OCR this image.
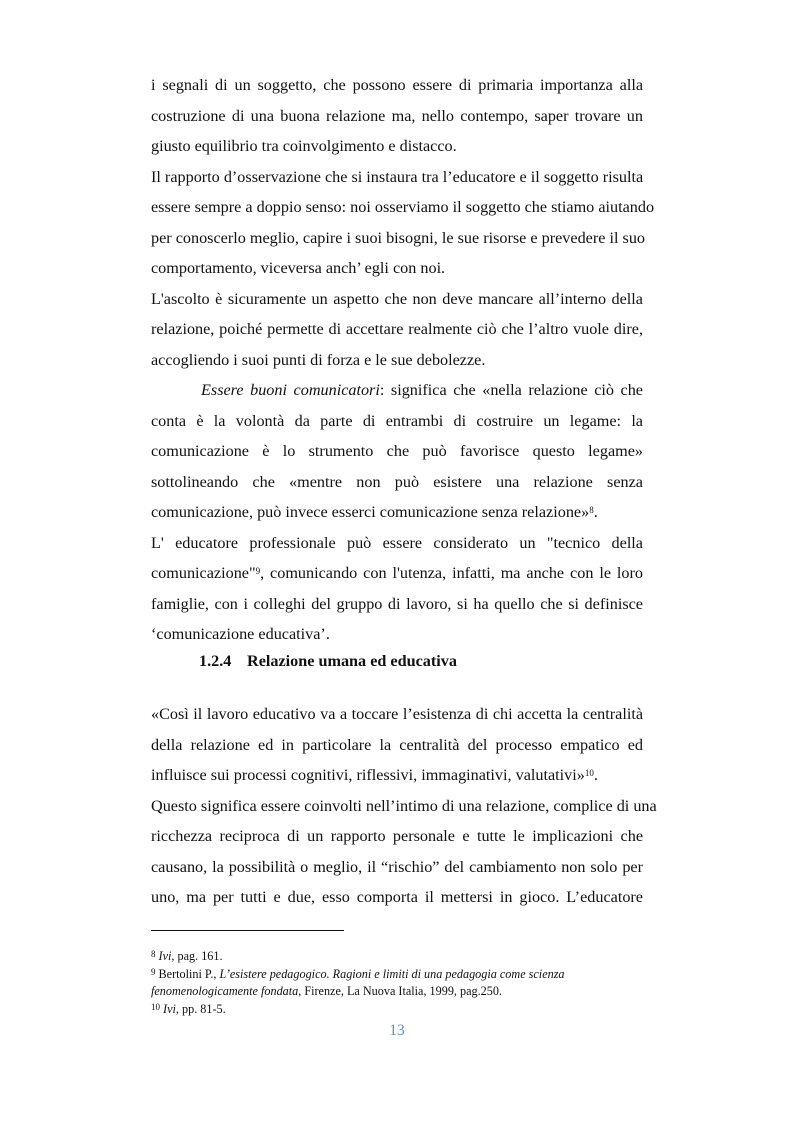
i segnali di un soggetto, che possono essere di primaria importanza alla
costruzione di una buona relazione ma, nello contempo, saper trovare un
giusto equilibrio tra coinvolgimento e distacco.
Il rapporto d’osservazione che si instaura tra l’educatore e il soggetto risulta
essere sempre a doppio senso: noi osserviamo il soggetto che stiamo aiutando
per conoscerlo meglio, capire i suoi bisogni, le sue risorse e prevedere il suo
comportamento, viceversa anch’ egli con noi.
L'ascolto è sicuramente un aspetto che non deve mancare all’interno della
relazione, poiché permette di accettare realmente ciò che l’altro vuole dire,
accogliendo i suoi punti di forza e le sue debolezze.
Essere buoni comunicatori: significa che «nella relazione ciò che
conta è la volontà da parte di entrambi di costruire un legame: la
comunicazione è lo strumento che può favorisce questo legame»
sottolineando che «mentre non può esistere una relazione senza
comunicazione, può invece esserci comunicazione senza relazione»$^8$.
L' educatore professionale può essere considerato un "tecnico della
comunicazione"$^9$, comunicando con l'utenza, infatti, ma anche con le loro
famiglie, con i colleghi del gruppo di lavoro, si ha quello che si definisce
‘comunicazione educativa’.
1.2.4 Relazione umana ed educativa
«Così il lavoro educativo va a toccare l’esistenza di chi accetta la centralità
della relazione ed in particolare la centralità del processo empatico ed
influisce sui processi cognitivi, riflessivi, immaginativi, valutativi»$^{10}$.
Questo significa essere coinvolti nell’intimo di una relazione, complice di una
ricchezza reciproca di un rapporto personale e tutte le implicazioni che
causano, la possibilità o meglio, il “rischio” del cambiamento non solo per
uno, ma per tutti e due, esso comporta il mettersi in gioco. L’educatore
$^8$ Ivi, pag. 161.
$^9$ Bertolini P., L’esistere pedagogico. Ragioni e limiti di una pedagogia come scienza
fenomenologicamente fondata, Firenze, La Nuova Italia, 1999, pag.250.
$^{10}$ Ivi, pp. 81-5.
13
